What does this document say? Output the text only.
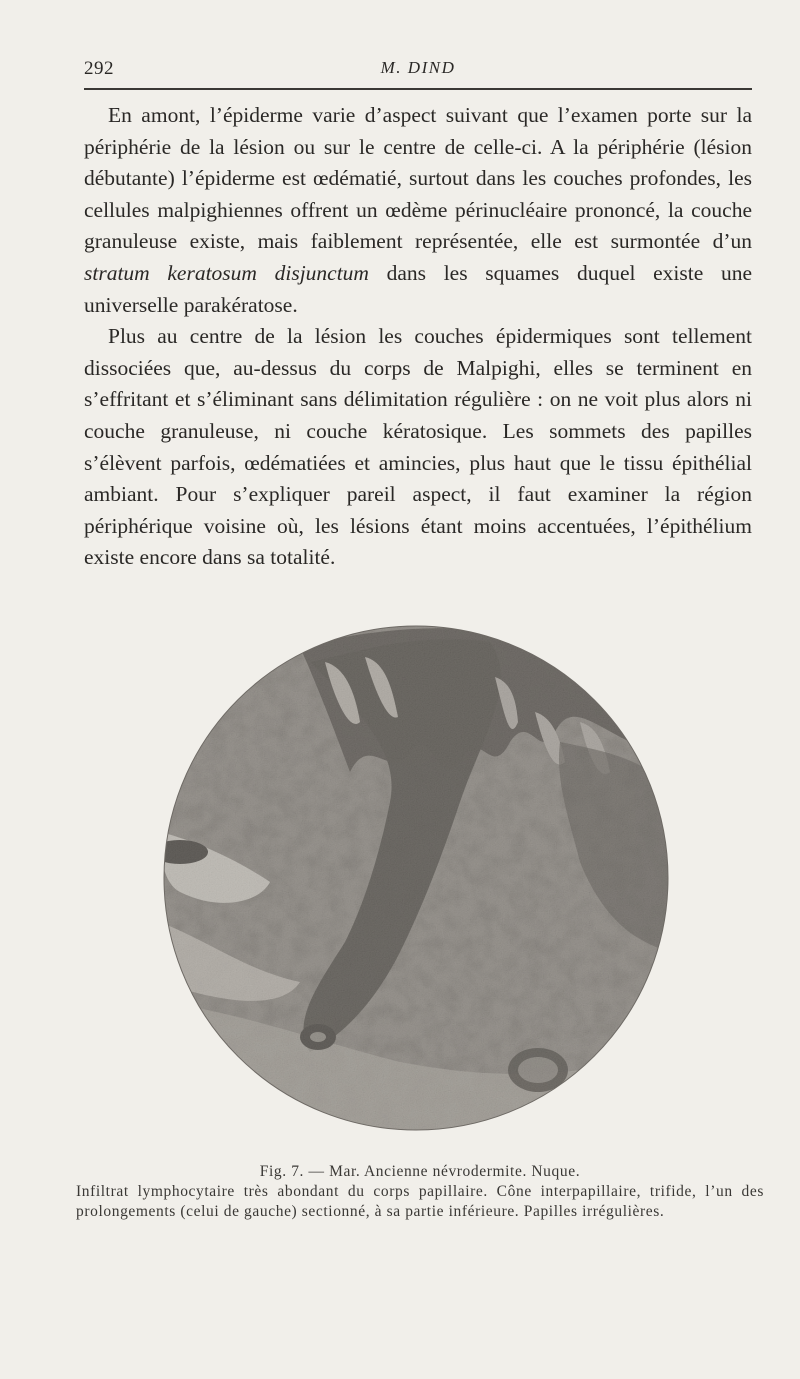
292	M. DIND

En amont, l’épiderme varie d’aspect suivant que l’examen porte sur la périphérie de la lésion ou sur le centre de celle-ci. A la périphérie (lésion débutante) l’épiderme est œdématié, surtout dans les couches profondes, les cellules malpighiennes offrent un œdème périnucléaire prononcé, la couche granuleuse existe, mais faiblement représentée, elle est surmontée d’un stratum keratosum disjunctum dans les squames duquel existe une universelle parakératose.

Plus au centre de la lésion les couches épidermiques sont tellement dissociées que, au-dessus du corps de Malpighi, elles se terminent en s’effritant et s’éliminant sans délimitation régulière : on ne voit plus alors ni couche granuleuse, ni couche kératosique. Les sommets des papilles s’élèvent parfois, œdématiées et amincies, plus haut que le tissu épithélial ambiant. Pour s’expliquer pareil aspect, il faut examiner la région périphérique voisine où, les lésions étant moins accentuées, l’épithélium existe encore dans sa totalité.

Fig. 7. — Mar. Ancienne névrodermite. Nuque.

Infiltrat lymphocytaire très abondant du corps papillaire. Cône interpapillaire, trifide, l’un des prolongements (celui de gauche) sectionné, à sa partie inférieure. Papilles irrégulières.
